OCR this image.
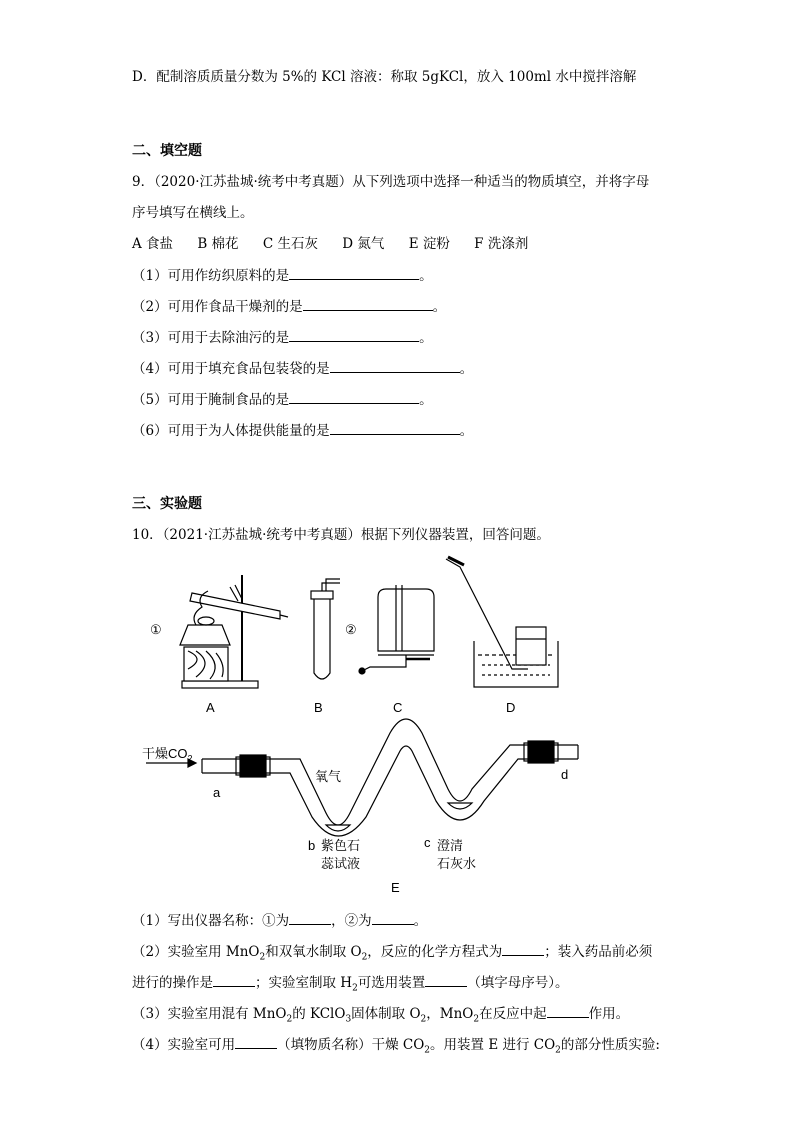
D．配制溶质质量分数为 5%的 KCl 溶液：称取 5gKCl，放入 100ml 水中搅拌溶解
二、填空题
9．（2020·江苏盐城·统考中考真题）从下列选项中选择一种适当的物质填空，并将字母
序号填写在横线上。
A 食盐 B 棉花 C 生石灰 D 氮气 E 淀粉 F 洗涤剂
（1）可用作纺织原料的是	。
（2）可用作食品干燥剂的是	。
（3）可用于去除油污的是	。
（4）可用于填充食品包装袋的是	。
（5）可用于腌制食品的是	。
（6）可用于为人体提供能量的是	。
三、实验题
10．（2021·江苏盐城·统考中考真题）根据下列仪器装置，回答问题。
①	②
A	B	C	D
干燥$CO_2$
a
氧气	d
b 紫色石
蕊试液
c 澄清
石灰水
E
（1）写出仪器名称：①为	，②为	。
（2）实验室用 MnO$_2$和双氧水制取 $O_2$，反应的化学方程式为	；装入药品前必须
进行的操作是	；实验室制取 $H_2$可选用装置	（填字母序号）。
（3）实验室用混有 MnO$_2$的 KClO$_3$固体制取 $O_2$，MnO$_2$在反应中起	作用。
（4）实验室可用	（填物质名称）干燥 $CO_2$。用装置 E 进行 $CO_2$的部分性质实验:
